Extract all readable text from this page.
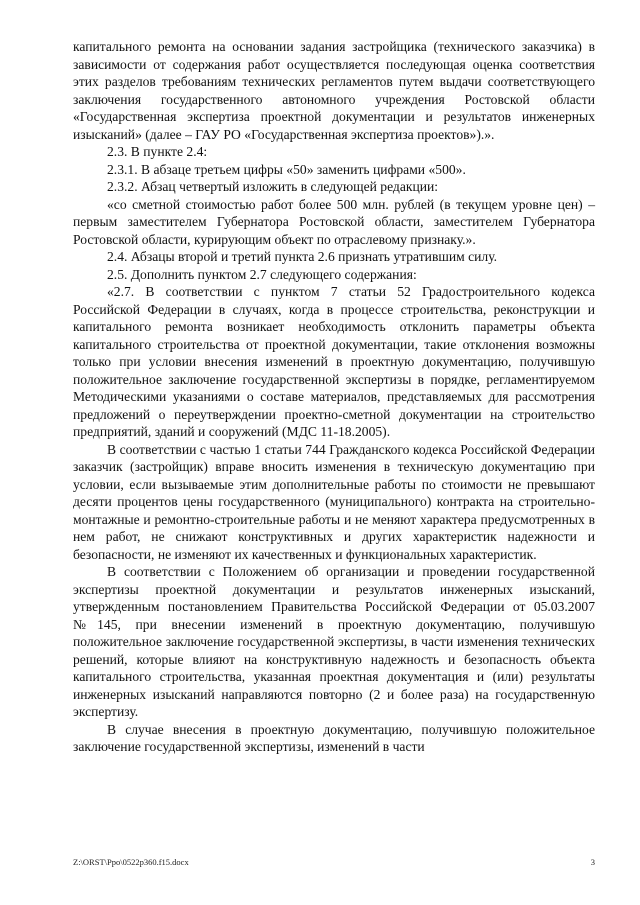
капитального ремонта на основании задания застройщика (технического заказчика) в зависимости от содержания работ осуществляется последующая оценка соответствия этих разделов требованиям технических регламентов путем выдачи соответствующего заключения государственного автономного учреждения Ростовской области «Государственная экспертиза проектной документации и результатов инженерных изысканий» (далее – ГАУ РО «Государственная экспертиза проектов»).».

2.3. В пункте 2.4:

2.3.1. В абзаце третьем цифры «50» заменить цифрами «500».

2.3.2. Абзац четвертый изложить в следующей редакции:

«со сметной стоимостью работ более 500 млн. рублей (в текущем уровне цен) – первым заместителем Губернатора Ростовской области, заместителем Губернатора Ростовской области, курирующим объект по отраслевому признаку.».

2.4. Абзацы второй и третий пункта 2.6 признать утратившим силу.

2.5. Дополнить пунктом 2.7 следующего содержания:

«2.7. В соответствии с пунктом 7 статьи 52 Градостроительного кодекса Российской Федерации в случаях, когда в процессе строительства, реконструкции и капитального ремонта возникает необходимость отклонить параметры объекта капитального строительства от проектной документации, такие отклонения возможны только при условии внесения изменений в проектную документацию, получившую положительное заключение государственной экспертизы в порядке, регламентируемом Методическими указаниями о составе материалов, представляемых для рассмотрения предложений о переутверждении проектно-сметной документации на строительство предприятий, зданий и сооружений (МДС 11-18.2005).

В соответствии с частью 1 статьи 744 Гражданского кодекса Российской Федерации заказчик (застройщик) вправе вносить изменения в техническую документацию при условии, если вызываемые этим дополнительные работы по стоимости не превышают десяти процентов цены государственного (муниципального) контракта на строительно-монтажные и ремонтно-строительные работы и не меняют характера предусмотренных в нем работ, не снижают конструктивных и других характеристик надежности и безопасности, не изменяют их качественных и функциональных характеристик.

В соответствии с Положением об организации и проведении государственной экспертизы проектной документации и результатов инженерных изысканий, утвержденным постановлением Правительства Российской Федерации от 05.03.2007 №145, при внесении изменений в проектную документацию, получившую положительное заключение государственной экспертизы, в части изменения технических решений, которые влияют на конструктивную надежность и безопасность объекта капитального строительства, указанная проектная документация и (или) результаты инженерных изысканий направляются повторно (2 и более раза) на государственную экспертизу.

В случае внесения в проектную документацию, получившую положительное заключение государственной экспертизы, изменений в части

Z:\ORST\Ppo\0522p360.f15.docx	3
